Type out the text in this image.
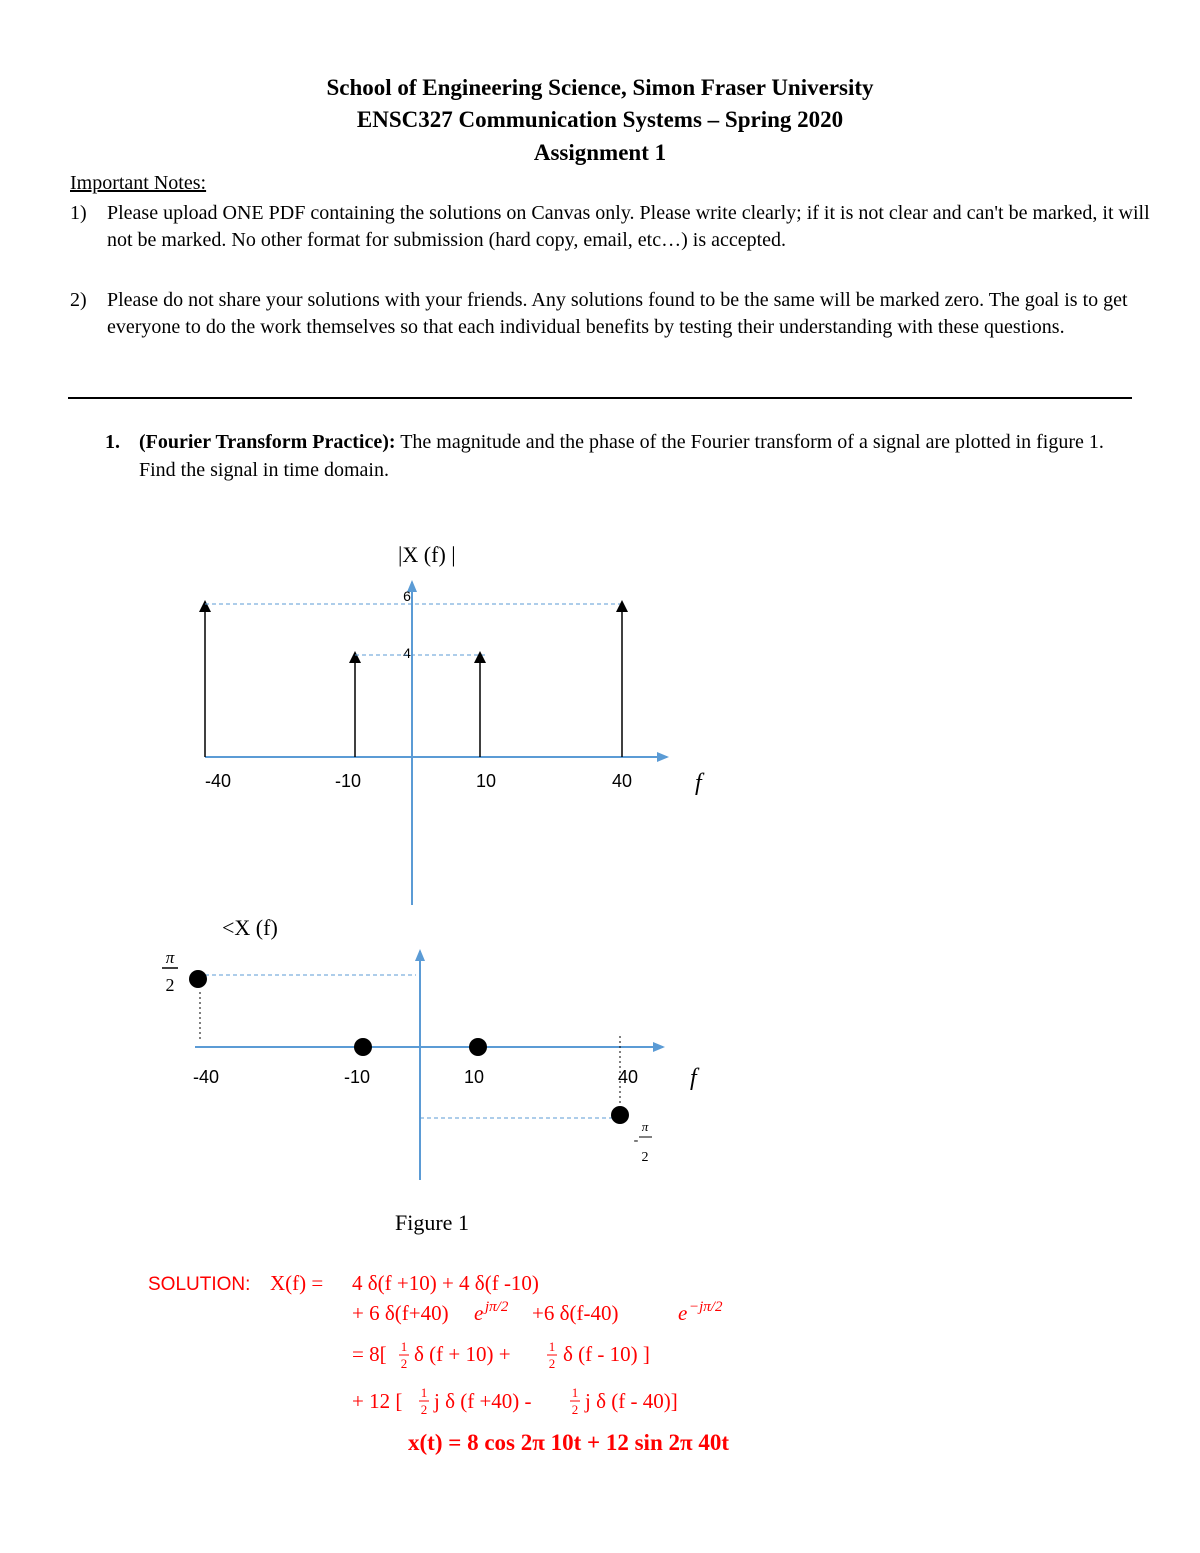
School of Engineering Science, Simon Fraser University
ENSC327 Communication Systems – Spring 2020
Assignment 1
Important Notes:
1) Please upload ONE PDF containing the solutions on Canvas only. Please write clearly; if it is not clear and can't be marked, it will not be marked. No other format for submission (hard copy, email, etc…) is accepted.
2) Please do not share your solutions with your friends. Any solutions found to be the same will be marked zero. The goal is to get everyone to do the work themselves so that each individual benefits by testing their understanding with these questions.
1. (Fourier Transform Practice): The magnitude and the phase of the Fourier transform of a signal are plotted in figure 1. Find the signal in time domain.
|X (f) |
f
-40	-10	10	40
4
6
<X (f)
f
-40	-10	10	40
π
2
-
π
2
Figure 1
SOLUTION: X(f) = 4 δ(f +10) + 4 δ(f -10)
+ 6 δ(f+40) e jπ/2 +6 δ(f-40)	e −jπ/2
= 8[ 1
2 δ (f + 10) +	1
2 δ (f - 10) ]
+ 12 [ 1
2 j δ (f +40) -	1
2 j δ (f - 40)]
x(t) = 8 cos 2π 10t + 12 sin 2π 40t
